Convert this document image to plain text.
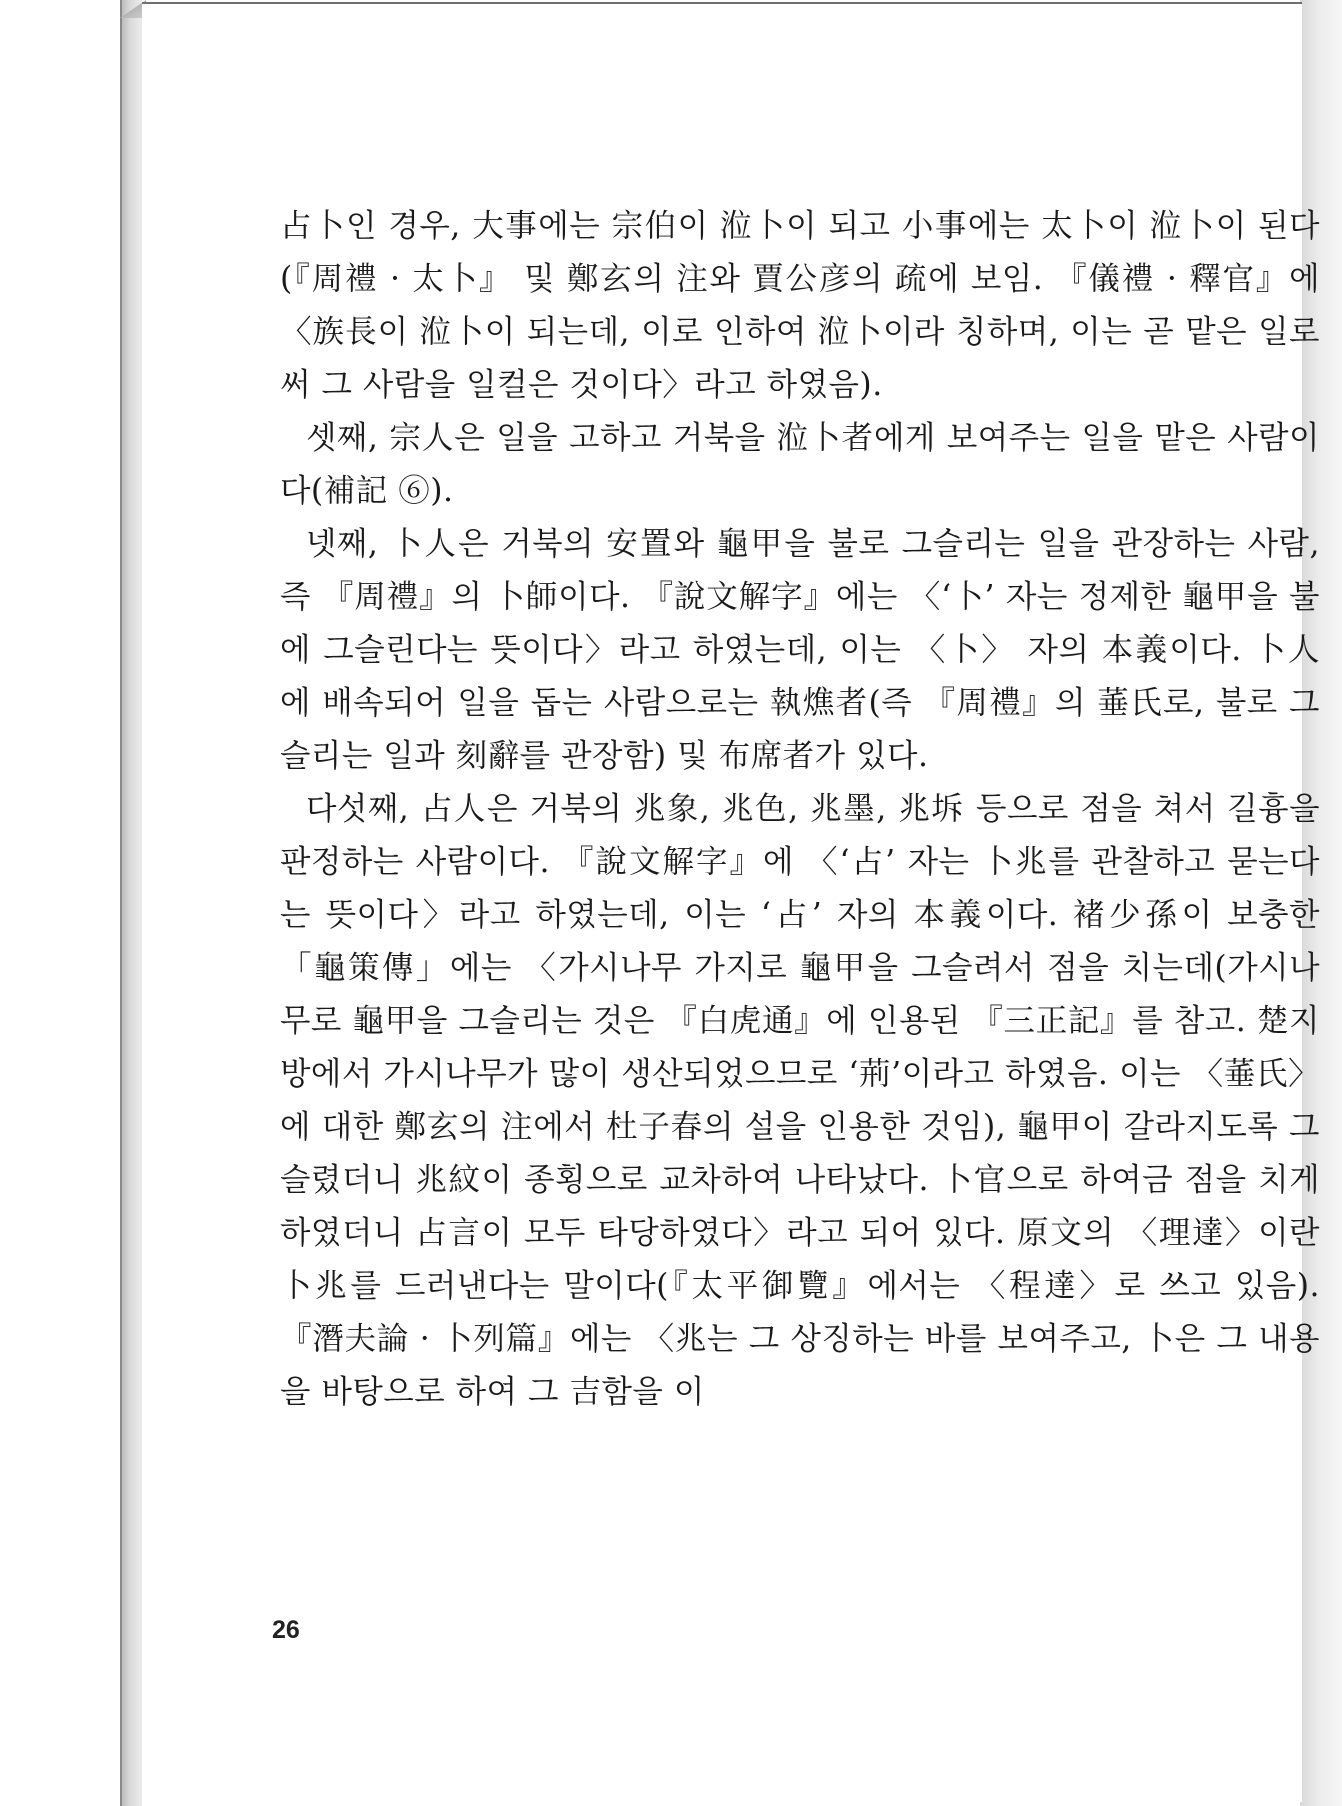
占卜인 경우, 大事에는 宗伯이 涖卜이 되고 小事에는 太卜이 涖卜이 된다(『周禮 · 太卜』 및 鄭玄의 注와 賈公彦의 疏에 보임. 『儀禮 · 釋官』에 〈族長이 涖卜이 되는데, 이로 인하여 涖卜이라 칭하며, 이는 곧 맡은 일로써 그 사람을 일컬은 것이다〉라고 하였음).

셋째, 宗人은 일을 고하고 거북을 涖卜者에게 보여주는 일을 맡은 사람이다(補記 ⑥).

넷째, 卜人은 거북의 安置와 龜甲을 불로 그슬리는 일을 관장하는 사람, 즉 『周禮』의 卜師이다. 『說文解字』에는 〈‘卜’ 자는 정제한 龜甲을 불에 그슬린다는 뜻이다〉라고 하였는데, 이는 〈卜〉 자의 本義이다. 卜人에 배속되어 일을 돕는 사람으로는 執燋者(즉 『周禮』의 菙氏로, 불로 그슬리는 일과 刻辭를 관장함) 및 布席者가 있다.

다섯째, 占人은 거북의 兆象, 兆色, 兆墨, 兆坼 등으로 점을 쳐서 길흉을 판정하는 사람이다. 『說文解字』에 〈‘占’ 자는 卜兆를 관찰하고 묻는다는 뜻이다〉라고 하였는데, 이는 ‘占’ 자의 本義이다. 褚少孫이 보충한 「龜策傳」에는 〈가시나무 가지로 龜甲을 그슬려서 점을 치는데(가시나무로 龜甲을 그슬리는 것은 『白虎通』에 인용된 『三正記』를 참고. 楚지방에서 가시나무가 많이 생산되었으므로 ‘荊’이라고 하였음. 이는 〈菙氏〉에 대한 鄭玄의 注에서 杜子春의 설을 인용한 것임), 龜甲이 갈라지도록 그슬렸더니 兆紋이 종횡으로 교차하여 나타났다. 卜官으로 하여금 점을 치게 하였더니 占言이 모두 타당하였다〉라고 되어 있다. 原文의 〈理達〉이란 卜兆를 드러낸다는 말이다(『太平御覽』에서는 〈程達〉로 쓰고 있음). 『潛夫論 · 卜列篇』에는 〈兆는 그 상징하는 바를 보여주고, 卜은 그 내용을 바탕으로 하여 그 吉함을 이

26
